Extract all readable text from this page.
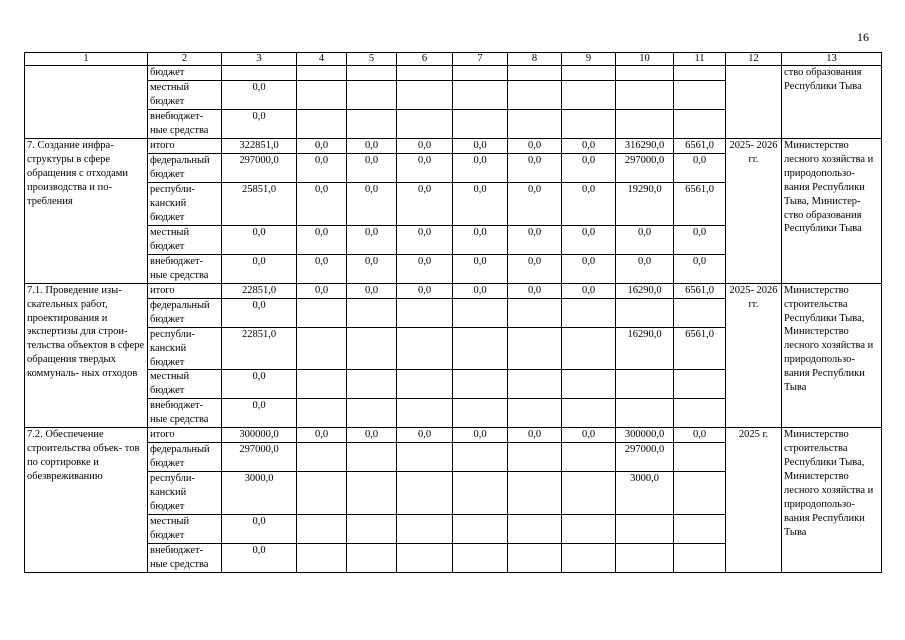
16
1	2	3	4	5	6	7	8	9	10	11	12	13
	бюджет											ство образования Республики Тыва
	местный бюджет	0,0										
	внебюджет- ные средства	0,0										
7. Создание инфра- структуры в сфере обращения с отходами производства и по- требления	итого	322851,0	0,0	0,0	0,0	0,0	0,0	0,0	316290,0	6561,0	2025- 2026 гг.	Министерство лесного хозяйства и природопользо- вания Республики Тыва, Министер- ство образования Республики Тыва
	федеральный бюджет	297000,0	0,0	0,0	0,0	0,0	0,0	0,0	297000,0	0,0		
	республи- канский бюджет	25851,0	0,0	0,0	0,0	0,0	0,0	0,0	19290,0	6561,0		
	местный бюджет	0,0	0,0	0,0	0,0	0,0	0,0	0,0	0,0	0,0		
	внебюджет- ные средства	0,0	0,0	0,0	0,0	0,0	0,0	0,0	0,0	0,0		
7.1. Проведение изы- скательных работ, проектирования и экспертизы для строи- тельства объектов в сфере обращения твердых коммуналь- ных отходов	итого	22851,0	0,0	0,0	0,0	0,0	0,0	0,0	16290,0	6561,0	2025- 2026 гг.	Министерство строительства Республики Тыва, Министерство лесного хозяйства и природопользо- вания Республики Тыва
	федеральный бюджет	0,0										
	республи- канский бюджет	22851,0							16290,0	6561,0		
	местный бюджет	0,0										
	внебюджет- ные средства	0,0										
7.2. Обеспечение строительства объек- тов по сортировке и обезвреживанию	итого	300000,0	0,0	0,0	0,0	0,0	0,0	0,0	300000,0	0,0	2025 г.	Министерство строительства Республики Тыва, Министерство лесного хозяйства и природопользо- вания Республики Тыва
	федеральный бюджет	297000,0							297000,0			
	республи- канский бюджет	3000,0							3000,0			
	местный бюджет	0,0										
	внебюджет- ные средства	0,0										
